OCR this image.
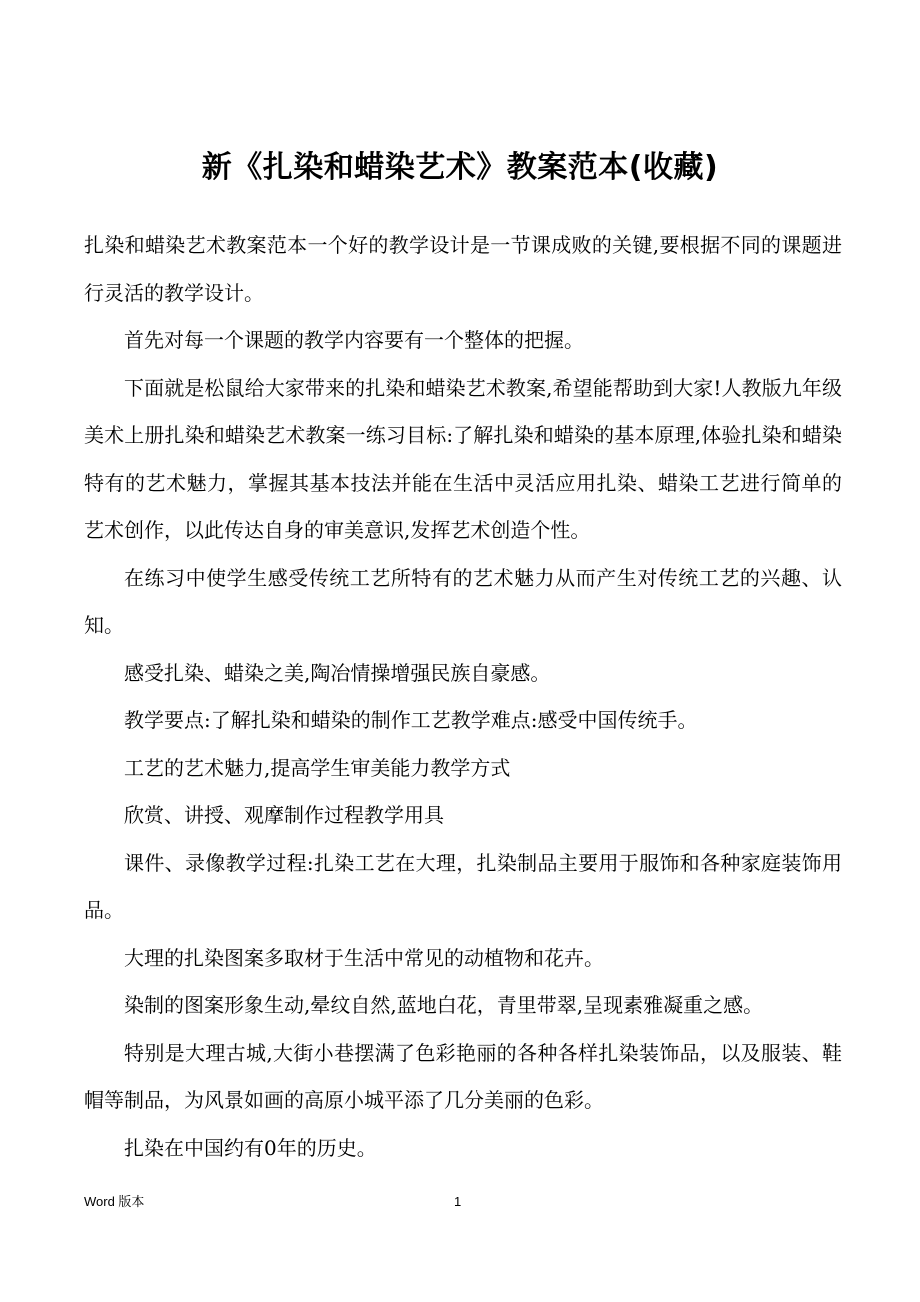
新《扎染和蜡染艺术》教案范本(收藏)

扎染和蜡染艺术教案范本一个好的教学设计是一节课成败的关键,要根据不同的课题进行灵活的教学设计。

首先对每一个课题的教学内容要有一个整体的把握。

下面就是松鼠给大家带来的扎染和蜡染艺术教案,希望能帮助到大家!人教版九年级美术上册扎染和蜡染艺术教案一练习目标:了解扎染和蜡染的基本原理,体验扎染和蜡染特有的艺术魅力，掌握其基本技法并能在生活中灵活应用扎染、蜡染工艺进行简单的艺术创作，以此传达自身的审美意识,发挥艺术创造个性。

在练习中使学生感受传统工艺所特有的艺术魅力从而产生对传统工艺的兴趣、认知。

感受扎染、蜡染之美,陶冶情操增强民族自豪感。

教学要点:了解扎染和蜡染的制作工艺教学难点:感受中国传统手。

工艺的艺术魅力,提高学生审美能力教学方式

欣赏、讲授、观摩制作过程教学用具

课件、录像教学过程:扎染工艺在大理，扎染制品主要用于服饰和各种家庭装饰用品。

大理的扎染图案多取材于生活中常见的动植物和花卉。

染制的图案形象生动,晕纹自然,蓝地白花，青里带翠,呈现素雅凝重之感。

特别是大理古城,大街小巷摆满了色彩艳丽的各种各样扎染装饰品，以及服装、鞋帽等制品，为风景如画的高原小城平添了几分美丽的色彩。

扎染在中国约有0年的历史。

Word 版本	1
